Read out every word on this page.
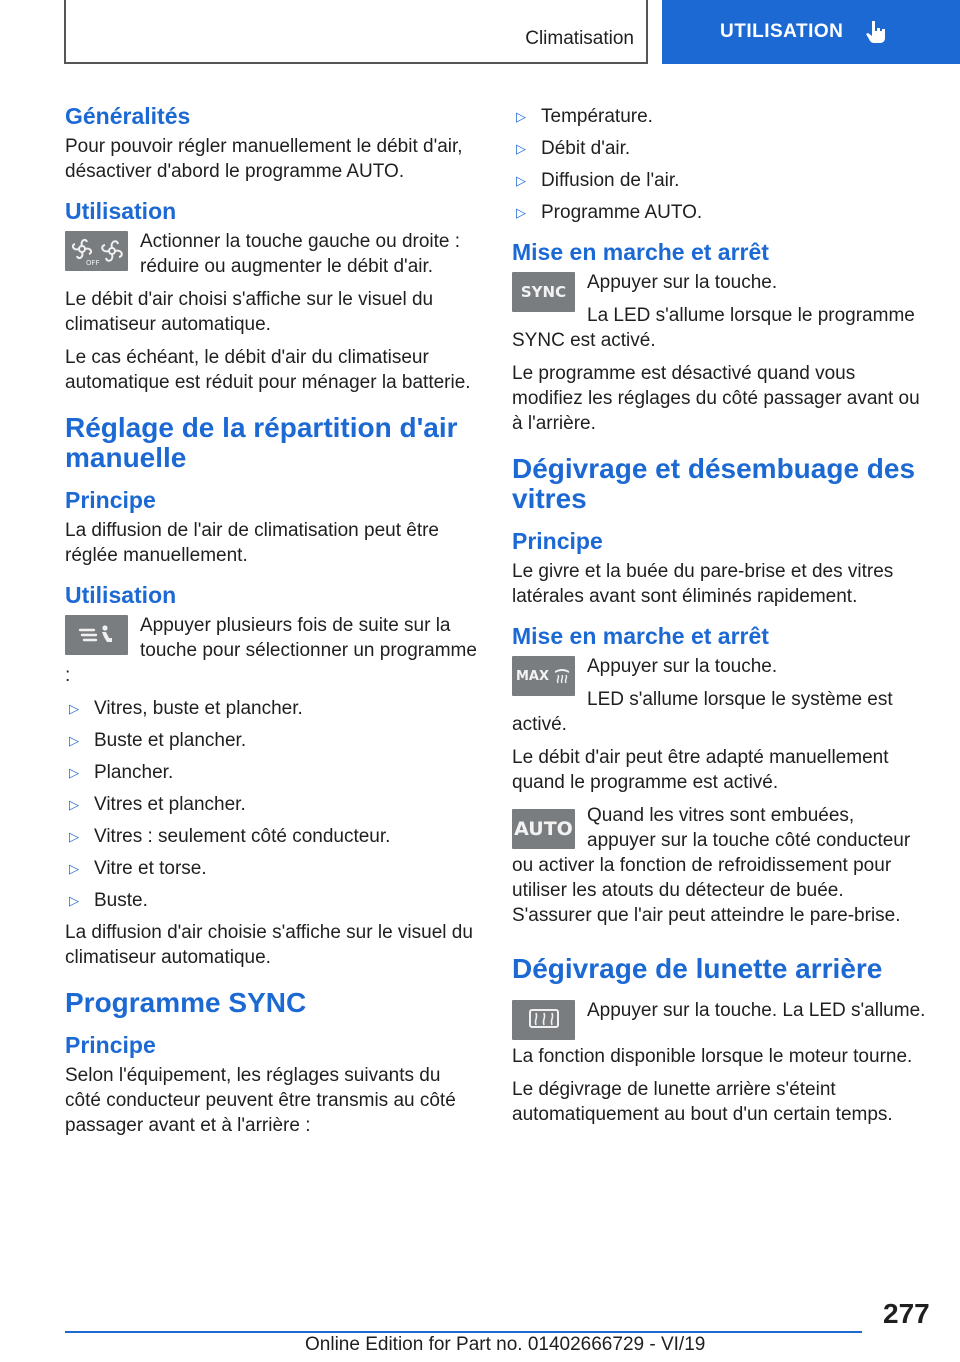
Climatisation	UTILISATION
Généralités
Pour pouvoir régler manuellement le débit d'air, désactiver d'abord le programme AUTO.
Utilisation
OFF
Actionner la touche gauche ou droite : réduire ou augmenter le débit d'air.
Le débit d'air choisi s'affiche sur le visuel du climatiseur automatique.
Le cas échéant, le débit d'air du climatiseur automatique est réduit pour ménager la batterie.
Réglage de la répartition d'air manuelle
Principe
La diffusion de l'air de climatisation peut être réglée manuellement.
Utilisation
Appuyer plusieurs fois de suite sur la touche pour sélectionner un programme :
▷ Vitres, buste et plancher.
▷ Buste et plancher.
▷ Plancher.
▷ Vitres et plancher.
▷ Vitres : seulement côté conducteur.
▷ Vitre et torse.
▷ Buste.
La diffusion d'air choisie s'affiche sur le visuel du climatiseur automatique.
Programme SYNC
Principe
Selon l'équipement, les réglages suivants du côté conducteur peuvent être transmis au côté passager avant et à l'arrière :
▷ Température.
▷ Débit d'air.
▷ Diffusion de l'air.
▷ Programme AUTO.
Mise en marche et arrêt
SYNC	Appuyer sur la touche.
La LED s'allume lorsque le programme SYNC est activé.
Le programme est désactivé quand vous modifiez les réglages du côté passager avant ou à l'arrière.
Dégivrage et désembuage des vitres
Principe
Le givre et la buée du pare-brise et des vitres latérales avant sont éliminés rapidement.
Mise en marche et arrêt
MAX	Appuyer sur la touche.
LED s'allume lorsque le système est activé.
Le débit d'air peut être adapté manuellement quand le programme est activé.
AUTO
Quand les vitres sont embuées, appuyer sur la touche côté conducteur ou activer la fonction de refroidissement pour utiliser les atouts du détecteur de buée. S'assurer que l'air peut atteindre le pare-brise.
Dégivrage de lunette arrière
Appuyer sur la touche. La LED s'allume.
La fonction disponible lorsque le moteur tourne.
Le dégivrage de lunette arrière s'éteint automatiquement au bout d'un certain temps.
277
Online Edition for Part no. 01402666729 - VI/19
